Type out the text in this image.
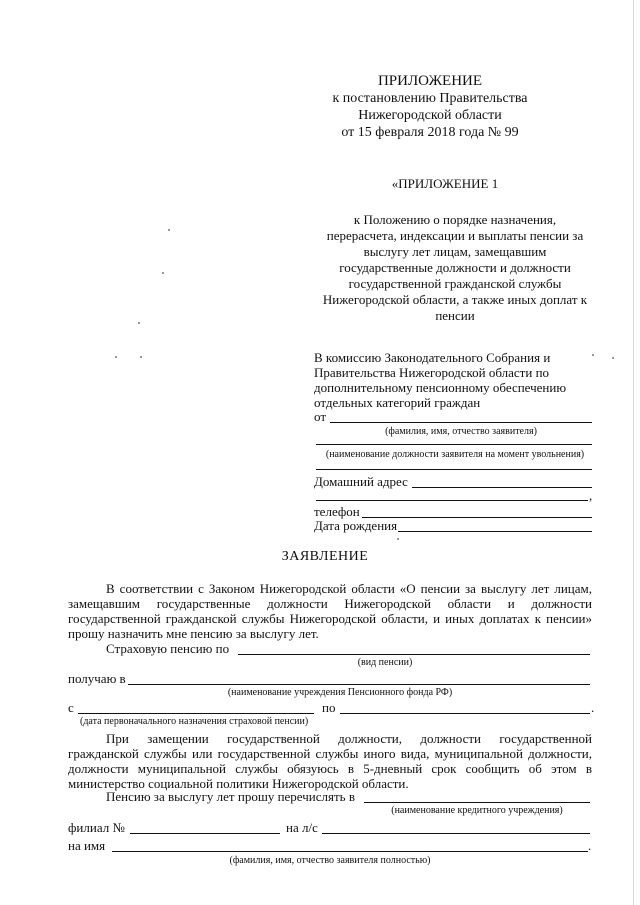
ПРИЛОЖЕНИЕ
к постановлению Правительства
Нижегородской области
от 15 февраля 2018 года № 99
«ПРИЛОЖЕНИЕ 1
к Положению о порядке назначения,
перерасчета, индексации и выплаты пенсии за
выслугу лет лицам, замещавшим
государственные должности и должности
государственной гражданской службы
Нижегородской области, а также иных доплат к
пенсии
В комиссию Законодательного Собрания и
Правительства Нижегородской области по
дополнительному пенсионному обеспечению
отдельных категорий граждан
от
(фамилия, имя, отчество заявителя)
(наименование должности заявителя на момент увольнения)
Домашний адрес
,
телефон
Дата рождения
ЗАЯВЛЕНИЕ
В соответствии с Законом Нижегородской области «О пенсии за выслугу лет лицам,
замещавшим государственные должности Нижегородской области и должности
государственной гражданской службы Нижегородской области, и иных доплатах к пенсии»
прошу назначить мне пенсию за выслугу лет.
Страховую пенсию по
(вид пенсии)
получаю в
(наименование учреждения Пенсионного фонда РФ)
с	по	.
(дата первоначального назначения страховой пенсии)
При замещении государственной должности, должности государственной
гражданской службы или государственной службы иного вида, муниципальной должности,
должности муниципальной службы обязуюсь в 5-дневный срок сообщить об этом в
министерство социальной политики Нижегородской области.
Пенсию за выслугу лет прошу перечислять в
(наименование кредитного учреждения)
филиал №	на л/с
на имя	.
(фамилия, имя, отчество заявителя полностью)
